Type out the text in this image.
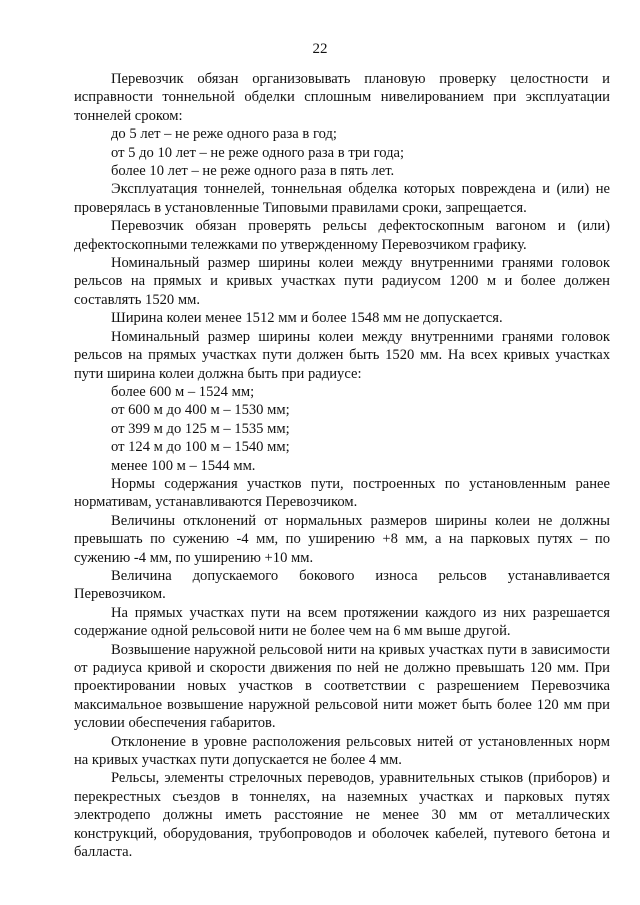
22

Перевозчик обязан организовывать плановую проверку целостности и исправности тоннельной обделки сплошным нивелированием при эксплуатации тоннелей сроком:

до 5 лет – не реже одного раза в год;
от 5 до 10 лет – не реже одного раза в три года;
более 10 лет – не реже одного раза в пять лет.

Эксплуатация тоннелей, тоннельная обделка которых повреждена и (или) не проверялась в установленные Типовыми правилами сроки, запрещается.

Перевозчик обязан проверять рельсы дефектоскопным вагоном и (или) дефектоскопными тележками по утвержденному Перевозчиком графику.

Номинальный размер ширины колеи между внутренними гранями головок рельсов на прямых и кривых участках пути радиусом 1200 м и более должен составлять 1520 мм.

Ширина колеи менее 1512 мм и более 1548 мм не допускается.

Номинальный размер ширины колеи между внутренними гранями головок рельсов на прямых участках пути должен быть 1520 мм. На всех кривых участках пути ширина колеи должна быть при радиусе:

более 600 м – 1524 мм;
от 600 м до 400 м – 1530 мм;
от 399 м до 125 м – 1535 мм;
от 124 м до 100 м – 1540 мм;
менее 100 м – 1544 мм.

Нормы содержания участков пути, построенных по установленным ранее нормативам, устанавливаются Перевозчиком.

Величины отклонений от нормальных размеров ширины колеи не должны превышать по сужению -4 мм, по уширению +8 мм, а на парковых путях – по сужению -4 мм, по уширению +10 мм.

Величина допускаемого бокового износа рельсов устанавливается Перевозчиком.

На прямых участках пути на всем протяжении каждого из них разрешается содержание одной рельсовой нити не более чем на 6 мм выше другой.

Возвышение наружной рельсовой нити на кривых участках пути в зависимости от радиуса кривой и скорости движения по ней не должно превышать 120 мм. При проектировании новых участков в соответствии с разрешением Перевозчика максимальное возвышение наружной рельсовой нити может быть более 120 мм при условии обеспечения габаритов.

Отклонение в уровне расположения рельсовых нитей от установленных норм на кривых участках пути допускается не более 4 мм.

Рельсы, элементы стрелочных переводов, уравнительных стыков (приборов) и перекрестных съездов в тоннелях, на наземных участках и парковых путях электродепо должны иметь расстояние не менее 30 мм от металлических конструкций, оборудования, трубопроводов и оболочек кабелей, путевого бетона и балласта.
